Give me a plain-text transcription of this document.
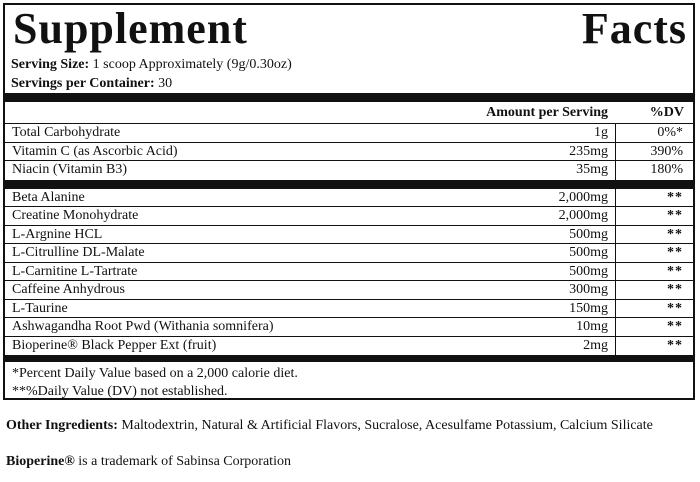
Supplement Facts
Serving Size: 1 scoop Approximately (9g/0.30oz)
Servings per Container: 30
Amount per Serving	%DV
Total Carbohydrate	1g	0%*
Vitamin C (as Ascorbic Acid)	235mg	390%
Niacin (Vitamin B3)	35mg	180%
Beta Alanine	2,000mg	**
Creatine Monohydrate	2,000mg	**
L-Argnine HCL	500mg	**
L-Citrulline DL-Malate	500mg	**
L-Carnitine L-Tartrate	500mg	**
Caffeine Anhydrous	300mg	**
L-Taurine	150mg	**
Ashwagandha Root Pwd (Withania somnifera)	10mg	**
Bioperine® Black Pepper Ext (fruit)	2mg	**
*Percent Daily Value based on a 2,000 calorie diet.
**%Daily Value (DV) not established.
Other Ingredients: Maltodextrin, Natural & Artificial Flavors, Sucralose, Acesulfame Potassium, Calcium Silicate
Bioperine® is a trademark of Sabinsa Corporation
